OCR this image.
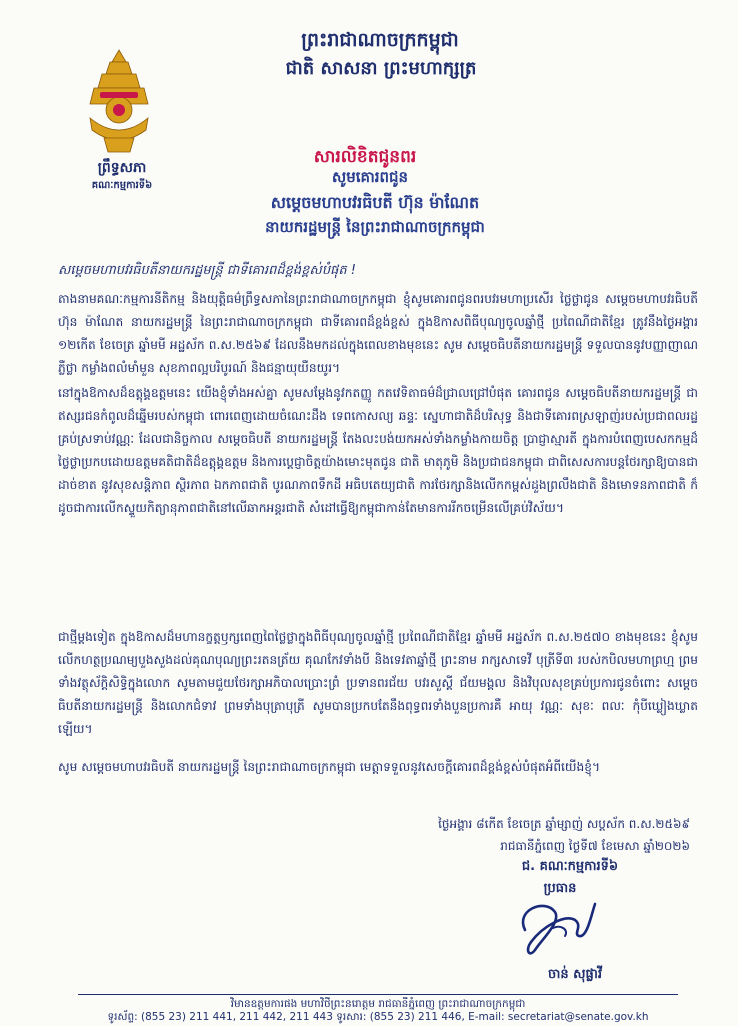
ព្រះរាជាណាចក្រកម្ពុជា
ជាតិ សាសនា ព្រះមហាក្សត្រ
ព្រឹទ្ធសភា
គណៈកម្មការទី៦
សារលិខិតជូនពរ
សូមគោរពជូន
សម្តេចមហាបវរធិបតី ហ៊ុន ម៉ាណែត
នាយករដ្ឋមន្ត្រី នៃព្រះរាជាណាចក្រកម្ពុជា
សម្តេចមហាបវរធិបតីនាយករដ្ឋមន្ត្រី ជាទីគោរពដ៏ខ្ពង់ខ្ពស់បំផុត !
តាងនាមគណៈកម្មការនីតិកម្ម និងយុត្តិធម៌ព្រឹទ្ធសភានៃព្រះរាជាណាចក្រកម្ពុជា ខ្ញុំសូមគោរពជូនពរបវរមហាប្រសើរ ថ្លៃថ្លាជូន សម្តេចមហាបវរធិបតី ហ៊ុន ម៉ាណែត នាយករដ្ឋមន្ត្រី នៃព្រះរាជាណាចក្រកម្ពុជា ជាទីគោរពដ៏ខ្ពង់ខ្ពស់ ក្នុងឱកាសពិធីបុណ្យចូលឆ្នាំថ្មី ប្រពៃណីជាតិខ្មែរ ត្រូវនឹងថ្ងៃអង្គារ ១២កើត ខែចេត្រ ឆ្នាំមមី អដ្ឋស័ក ព.ស.២៥៦៩ ដែលនឹងមកដល់ក្នុងពេលខាងមុខនេះ សូម សម្តេចធិបតីនាយករដ្ឋមន្ត្រី ទទួលបាននូវបញ្ញាញាណភ្លឺថ្លា កម្លាំងពលំមាំមួន សុខភាពល្អបរិបូរណ៍ និងជន្មាយុយឺនយូរ។
នៅក្នុងឱកាសដ៏ឧត្តុង្គឧត្តមនេះ យើងខ្ញុំទាំងអស់គ្នា សូមសម្តែងនូវកតញ្ញូ កតវេទិតាធម៌ដ៏ជ្រាលជ្រៅបំផុត គោរពជូន សម្តេចធិបតីនាយករដ្ឋមន្ត្រី ជាឥស្សរជនកំពូលដ៏ឆ្នើមរបស់កម្ពុជា ពោរពេញដោយចំណេះដឹង ទេពកោសល្យ ឆន្ទៈ ស្នេហាជាតិដ៏បរិសុទ្ធ និងជាទីគោរពស្រឡាញ់របស់ប្រជាពលរដ្ឋគ្រប់ស្រទាប់វណ្ណៈ ដែលជានិច្ចកាល សម្តេចធិបតី នាយករដ្ឋមន្ត្រី តែងលះបង់យកអស់ទាំងកម្លាំងកាយចិត្ត ប្រាជ្ញាស្មារតី ក្នុងការបំពេញបេសកកម្មដ៏ថ្លៃថ្លាប្រកបដោយឧត្តមគតិជាតិដ៏ឧត្តុង្គឧត្តម និងការប្តេជ្ញាចិត្តយ៉ាងមោះមុតជូន ជាតិ មាតុភូមិ និងប្រជាជនកម្ពុជា ជាពិសេសការបន្តថែរក្សាឱ្យបានជាដាច់ខាត នូវសុខសន្តិភាព ស្ថិរភាព ឯកភាពជាតិ បូរណភាពទឹកដី អធិបតេយ្យជាតិ ការថែរក្សានិងលើកកម្ពស់ដួងព្រលឹងជាតិ និងមោទនភាពជាតិ ក៏ដូចជាការលើកស្ទួយកិត្យានុភាពជាតិនៅលើឆាកអន្តរជាតិ សំដៅធ្វើឱ្យកម្ពុជាកាន់តែមានការរីកចម្រើនលើគ្រប់វិស័យ។
ជាថ្មីម្តងទៀត ក្នុងឱកាសដ៏មហានក្ខត្តឫក្សពេញពៃថ្លៃថ្លាក្នុងពិធីបុណ្យចូលឆ្នាំថ្មី ប្រពៃណីជាតិខ្មែរ ឆ្នាំមមី អដ្ឋស័ក ព.ស.២៥៧០ ខាងមុខនេះ ខ្ញុំសូមលើកហត្ថប្រណម្យបួងសួងដល់គុណបុណ្យព្រះរតនត្រ័យ គុណកែវទាំងបី និងទេវតាឆ្នាំថ្មី ព្រះនាម រាក្សសាទេវី បុត្រីទី៣ របស់កបិលមហាព្រហ្ម ព្រមទាំងវត្ថុស័ក្តិសិទ្ធិក្នុងលោក សូមតាមជួយថែរក្សាអភិបាលប្រោះព្រំ ប្រទានពរជ័យ បវរសួស្តី ជ័យមង្គល និងវិបុលសុខគ្រប់ប្រការជូនចំពោះ សម្តេចធិបតីនាយករដ្ឋមន្ត្រី និងលោកជំទាវ ព្រមទាំងបុត្រាបុត្រី សូមបានប្រកបតែនឹងពុទ្ធពរទាំងបួនប្រការគឺ អាយុ វណ្ណៈ សុខៈ ពលៈ កុំបីឃ្លៀងឃ្លាតឡើយ។
សូម សម្តេចមហាបវរធិបតី នាយករដ្ឋមន្ត្រី នៃព្រះរាជាណាចក្រកម្ពុជា មេត្តាទទួលនូវសេចក្តីគោរពដ៏ខ្ពង់ខ្ពស់បំផុតអំពីយើងខ្ញុំ។
ថ្ងៃអង្គារ ៨កើត ខែចេត្រ ឆ្នាំម្សាញ់ សប្តស័ក ព.ស.២៥៦៩
រាជធានីភ្នំពេញ ថ្ងៃទី៧ ខែមេសា ឆ្នាំ២០២៦
ជ. គណៈកម្មការទី៦
ប្រធាន
ចាន់ សុផ្លាវី
វិមានឧត្តមការផង មហាវិថីព្រះនរោត្តម រាជធានីភ្នំពេញ ព្រះរាជាណាចក្រកម្ពុជា
ទូរស័ព្ទ: (855 23) 211 441, 211 442, 211 443 ទូរសារ: (855 23) 211 446, E-mail: secretariat@senate.gov.kh
